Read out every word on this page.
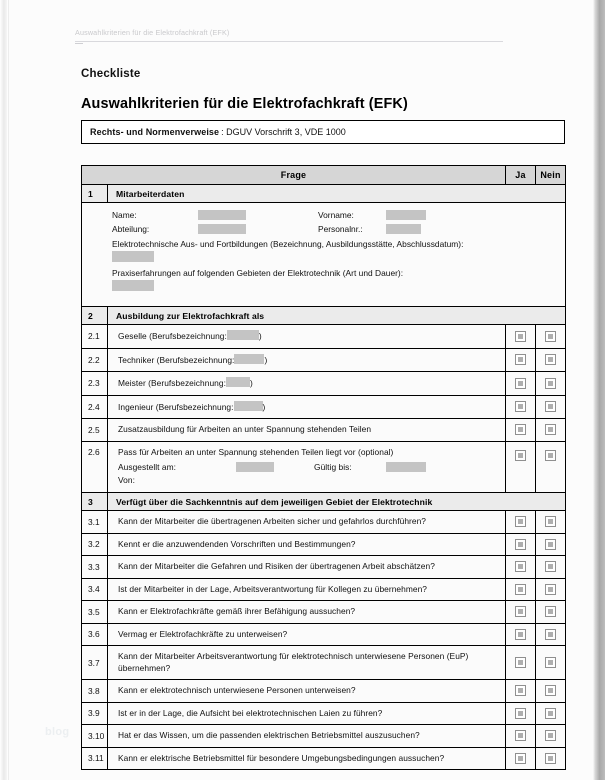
Auswahlkriterien für die Elektrofachkraft (EFK)
Checkliste
Auswahlkriterien für die Elektrofachkraft (EFK)
Rechts- und Normenverweise :
DGUV Vorschrift 3, VDE 1000
Frage		Ja	Nein
1	Mitarbeiterdaten		

Name:	Vorname:
Abteilung:	Personalnr.:
Elektrotechnische Aus- und Fortbildungen (Bezeichnung, Ausbildungsstätte, Abschlussdatum):
Praxiserfahrungen auf folgenden Gebieten der Elektrotechnik (Art und Dauer):

2	Ausbildung zur Elektrofachkraft als		
2.1	Geselle (Berufsbezeichnung: )		
2.2	Techniker (Berufsbezeichnung: )		
2.3	Meister (Berufsbezeichnung: )		
2.4	Ingenieur (Berufsbezeichnung: )		
2.5	Zusatzausbildung für Arbeiten an unter Spannung stehenden Teilen		
2.6	Pass für Arbeiten an unter Spannung stehenden Teilen liegt vor (optional)
Ausgestellt am: Gültig bis:
Von:		

3	Verfügt über die Sachkenntnis auf dem jeweiligen Gebiet der Elektrotechnik		
3.1	Kann der Mitarbeiter die übertragenen Arbeiten sicher und gefahrlos durchführen?		
3.2	Kennt er die anzuwendenden Vorschriften und Bestimmungen?		
3.3	Kann der Mitarbeiter die Gefahren und Risiken der übertragenen Arbeit abschätzen?		
3.4	Ist der Mitarbeiter in der Lage, Arbeitsverantwortung für Kollegen zu übernehmen?		
3.5	Kann er Elektrofachkräfte gemäß ihrer Befähigung aussuchen?		
3.6	Vermag er Elektrofachkräfte zu unterweisen?		
3.7	Kann der Mitarbeiter Arbeitsverantwortung für elektrotechnisch unterwiesene Personen (EuP) übernehmen?		
3.8	Kann er elektrotechnisch unterwiesene Personen unterweisen?		
3.9	Ist er in der Lage, die Aufsicht bei elektrotechnischen Laien zu führen?		
3.10	Hat er das Wissen, um die passenden elektrischen Betriebsmittel auszusuchen?		
3.11	Kann er elektrische Betriebsmittel für besondere Umgebungsbedingungen aussuchen?		
blog
